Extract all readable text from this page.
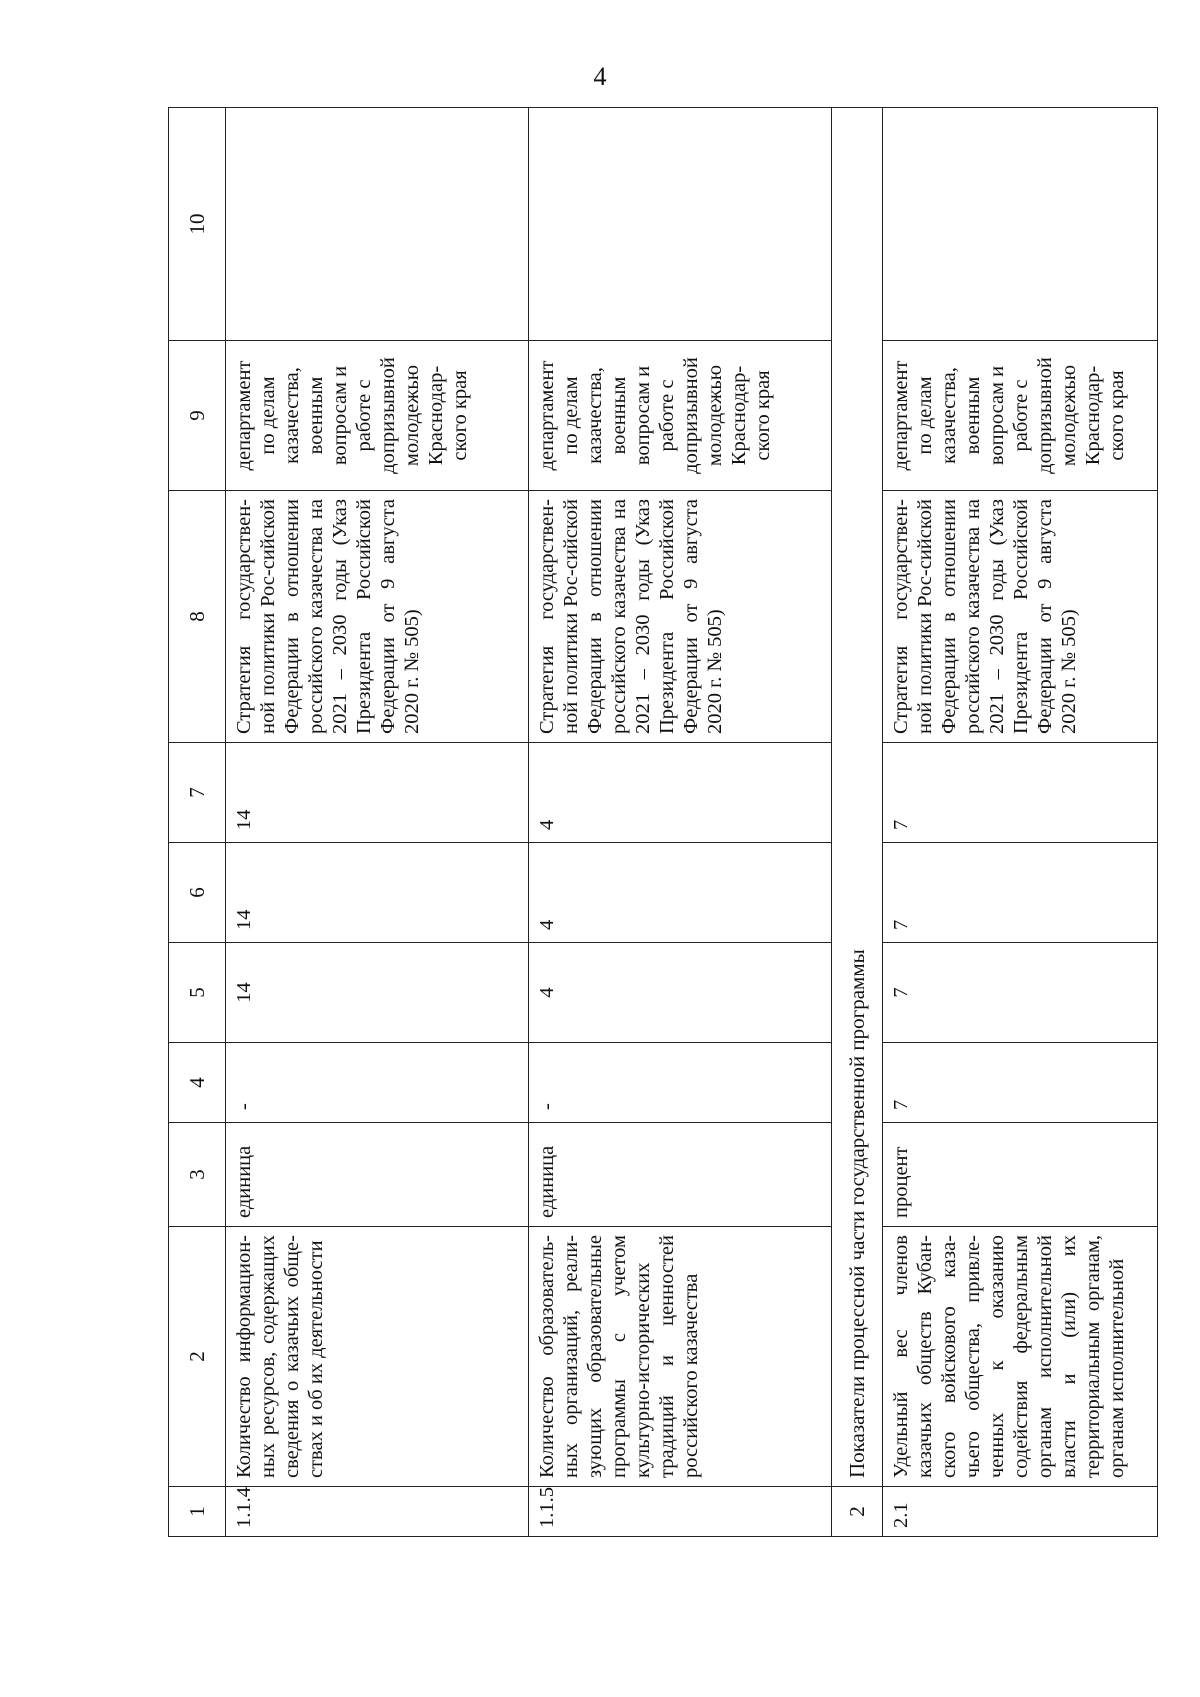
4
1	2	3	4	5	6	7	8	9	10
1.1.4	Количество информацион-ных ресурсов, содержащих сведения о казачьих обще-ствах и об их деятельности	единица	-	14	14	14	Стратегия государствен-ной политики Рос-сийской Федерации в отношении российского казачества на 2021 – 2030 годы (Указ Президента Российской Федерации от 9 августа 2020 г. № 505)	департамент по делам казачества, военным вопросам и работе с допризывной молодежью Краснодар-ского края	
1.1.5	Количество образователь-ных организаций, реали-зующих образовательные программы с учетом культурно-исторических традиций и ценностей российского казачества	единица	-	4	4	4	Стратегия государствен-ной политики Рос-сийской Федерации в отношении российского казачества на 2021 – 2030 годы (Указ Президента Российской Федерации от 9 августа 2020 г. № 505)	департамент по делам казачества, военным вопросам и работе с допризывной молодежью Краснодар-ского края	
2	Показатели процессной части государственной программы								
2.1	Удельный вес членов казачьих обществ Кубан-ского войскового каза-чьего общества, привле-ченных к оказанию содействия федеральным органам исполнительной власти и (или) их территориальным органам, органам исполнительной	процент	7	7	7	7	Стратегия государствен-ной политики Рос-сийской Федерации в отношении российского казачества на 2021 – 2030 годы (Указ Президента Российской Федерации от 9 августа 2020 г. № 505)	департамент по делам казачества, военным вопросам и работе с допризывной молодежью Краснодар-ского края	
